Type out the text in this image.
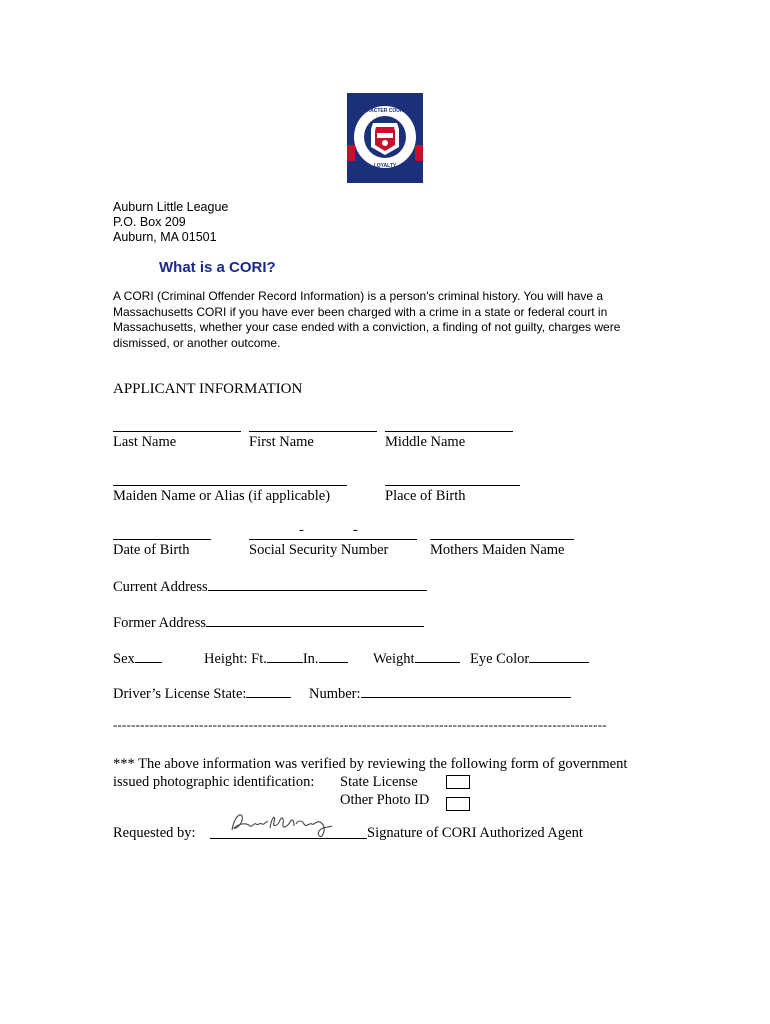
CHARACTER COURAGE
LOYALTY
Auburn Little League
P.O. Box 209
Auburn, MA 01501
What is a CORI?
A CORI (Criminal Offender Record Information) is a person's criminal history. You will have a Massachusetts CORI if you have ever been charged with a crime in a state or federal court in Massachusetts, whether your case ended with a conviction, a finding of not guilty, charges were dismissed, or another outcome.
APPLICANT INFORMATION
Last Name	First Name	Middle Name
Maiden Name or Alias (if applicable)	Place of Birth
-	-
Date of Birth	Social Security Number	Mothers Maiden Name
Current Address
Former Address
Sex	Height: Ft. In.	Weight	Eye Color
Driver’s License State:	Number:
-------------------------------------------------------------------------------------------------------------
*** The above information was verified by reviewing the following form of government
issued photographic identification: State License
Other Photo ID
Requested by:	Signature of CORI Authorized Agent
